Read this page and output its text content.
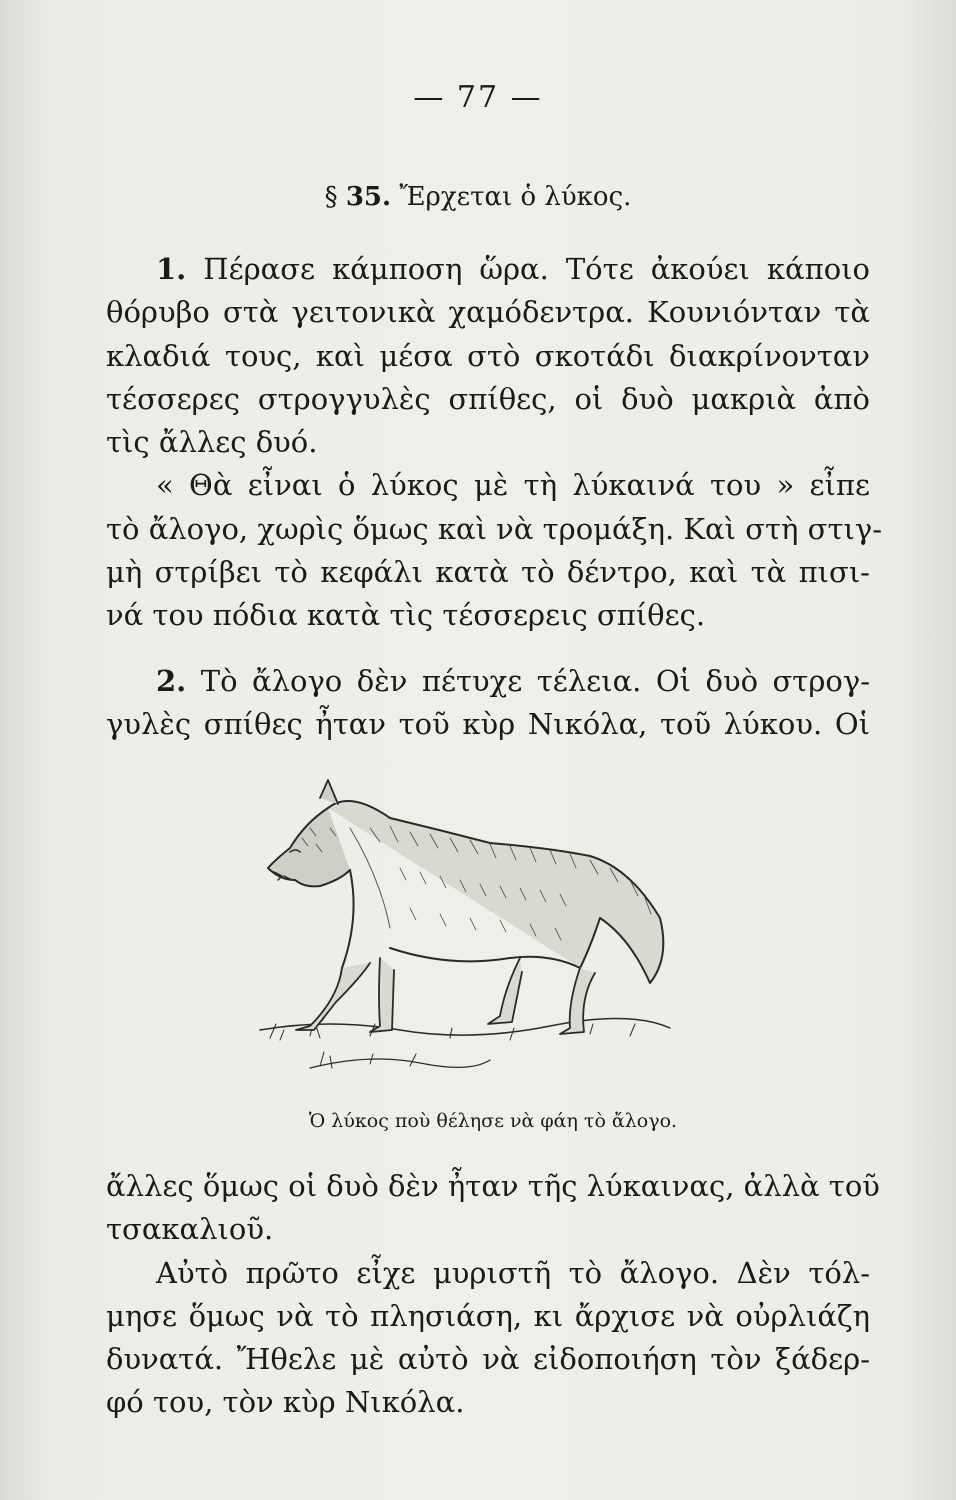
— 77 —
§ 35. Ἔρχεται ὁ λύκος.
1. Πέρασε κάμποση ὥρα. Τότε ἀκούει κάποιο
θόρυβο στὰ γειτονικὰ χαμόδεντρα. Κουνιόνταν τὰ
κλαδιά τους, καὶ μέσα στὸ σκοτάδι διακρίνονταν
τέσσερες στρογγυλὲς σπίθες, οἱ δυὸ μακριὰ ἀπὸ
τὶς ἄλλες δυό.
« Θὰ εἶναι ὁ λύκος μὲ τὴ λύκαινά του » εἶπε
τὸ ἄλογο, χωρὶς ὅμως καὶ νὰ τρομάξη. Καὶ στὴ στιγ-
μὴ στρίβει τὸ κεφάλι κατὰ τὸ δέντρο, καὶ τὰ πισι-
νά του πόδια κατὰ τὶς τέσσερεις σπίθες.
2. Τὸ ἄλογο δὲν πέτυχε τέλεια. Οἱ δυὸ στρογ-
γυλὲς σπίθες ἦταν τοῦ κὺρ Νικόλα, τοῦ λύκου. Οἱ
Ὁ λύκος ποὺ θέλησε νὰ φάη τὸ ἄλογο.
ἄλλες ὅμως οἱ δυὸ δὲν ἦταν τῆς λύκαινας, ἀλλὰ τοῦ
τσακαλιοῦ.
Αὐτὸ πρῶτο εἶχε μυριστῆ τὸ ἄλογο. Δὲν τόλ-
μησε ὅμως νὰ τὸ πλησιάση, κι ἄρχισε νὰ οὐρλιάζη
δυνατά. Ἤθελε μὲ αὐτὸ νὰ εἰδοποιήση τὸν ξάδερ-
φό του, τὸν κὺρ Νικόλα.
